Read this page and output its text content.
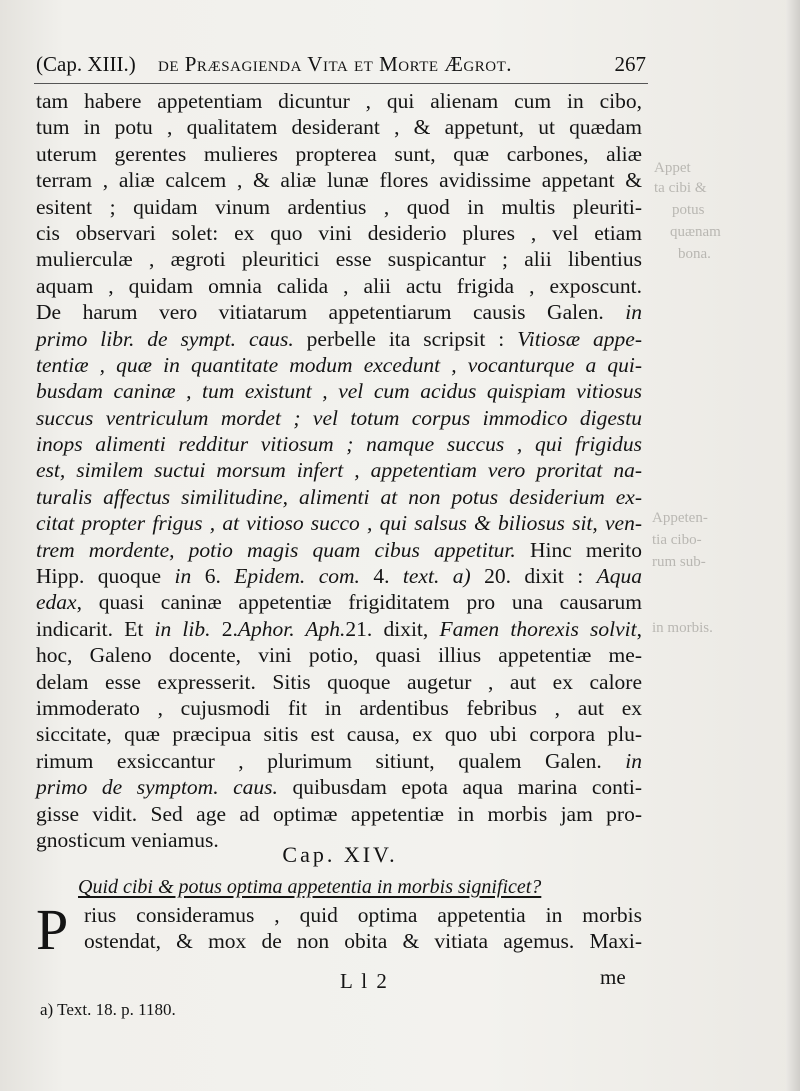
Appet
ta cibi &
potus
quænam
bona.
Appeten-
tia cibo-
rum sub-
in morbis.
(Cap. XIII.) de Præsagienda Vita et Morte Ægrot.	267
tam habere appetentiam dicuntur , qui alienam cum in cibo,
tum in potu , qualitatem desiderant , & appetunt, ut quædam
uterum gerentes mulieres propterea sunt, quæ carbones, aliæ
terram , aliæ calcem , & aliæ lunæ flores avidissime appetant &
esitent ; quidam vinum ardentius , quod in multis pleuriti-
cis observari solet: ex quo vini desiderio plures , vel etiam
mulierculæ , ægroti pleuritici esse suspicantur ; alii libentius
aquam , quidam omnia calida , alii actu frigida , exposcunt.
De harum vero vitiatarum appetentiarum causis Galen. in
primo libr. de sympt. caus. perbelle ita scripsit : Vitiosæ appe-
tentiæ , quæ in quantitate modum excedunt , vocanturque a qui-
busdam caninæ , tum existunt , vel cum acidus quispiam vitiosus
succus ventriculum mordet ; vel totum corpus immodico digestu
inops alimenti redditur vitiosum ; namque succus , qui frigidus
est, similem suctui morsum infert , appetentiam vero proritat na-
turalis affectus similitudine, alimenti at non potus desiderium ex-
citat propter frigus , at vitioso succo , qui salsus & biliosus sit, ven-
trem mordente, potio magis quam cibus appetitur. Hinc merito
Hipp. quoque in 6. Epidem. com. 4. text. a) 20. dixit : Aqua
edax, quasi caninæ appetentiæ frigiditatem pro una causarum
indicarit. Et in lib. 2.Aphor. Aph.21. dixit, Famen thorexis solvit,
hoc, Galeno docente, vini potio, quasi illius appetentiæ me-
delam esse expresserit. Sitis quoque augetur , aut ex calore
immoderato , cujusmodi fit in ardentibus febribus , aut ex
siccitate, quæ præcipua sitis est causa, ex quo ubi corpora plu-
rimum exsiccantur , plurimum sitiunt, qualem Galen. in
primo de symptom. caus. quibusdam epota aqua marina conti-
gisse vidit. Sed age ad optimæ appetentiæ in morbis jam pro-
gnosticum veniamus.
Cap. XIV.
Quid cibi & potus optima appetentia in morbis significet?
P rius consideramus , quid optima appetentia in morbis
ostendat, & mox de non obita & vitiata agemus. Maxi-
L l 2	me
a) Text. 18. p. 1180.
